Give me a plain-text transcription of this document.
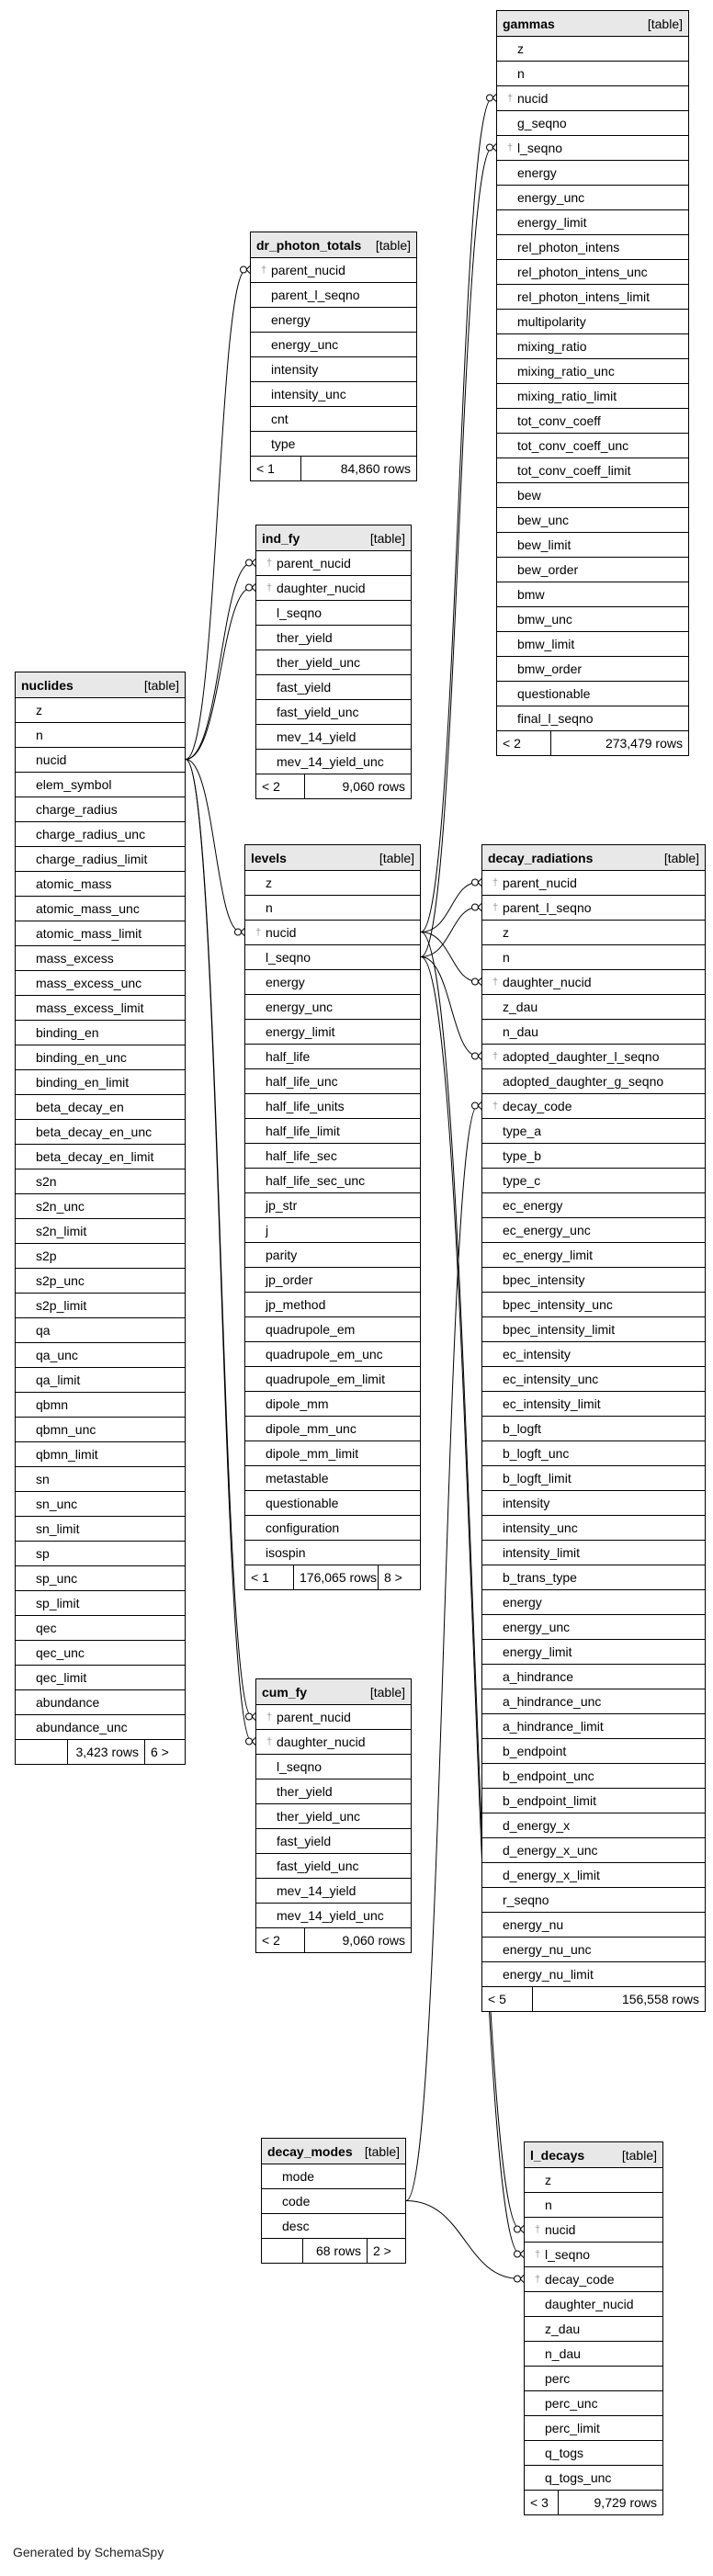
gammas	[table]
z
n
† nucid
g_seqno
† l_seqno
energy
energy_unc
energy_limit
rel_photon_intens
rel_photon_intens_unc
rel_photon_intens_limit
multipolarity
mixing_ratio
mixing_ratio_unc
mixing_ratio_limit
tot_conv_coeff
tot_conv_coeff_unc
tot_conv_coeff_limit
bew
bew_unc
bew_limit
bew_order
bmw
bmw_unc
bmw_limit
bmw_order
questionable
final_l_seqno
< 2	273,479 rows
dr_photon_totals [table]
† parent_nucid
parent_l_seqno
energy
energy_unc
intensity
intensity_unc
cnt
type
< 1	84,860 rows
ind_fy	[table]
† parent_nucid
† daughter_nucid
l_seqno
ther_yield
ther_yield_unc
fast_yield
fast_yield_unc
mev_14_yield
mev_14_yield_unc
< 2	9,060 rows
nuclides	[table]
z
n
nucid
elem_symbol
charge_radius
charge_radius_unc
charge_radius_limit
atomic_mass
atomic_mass_unc
atomic_mass_limit
mass_excess
mass_excess_unc
mass_excess_limit
binding_en
binding_en_unc
binding_en_limit
beta_decay_en
beta_decay_en_unc
beta_decay_en_limit
s2n
s2n_unc
s2n_limit
s2p
s2p_unc
s2p_limit
qa
qa_unc
qa_limit
qbmn
qbmn_unc
qbmn_limit
sn
sn_unc
sn_limit
sp
sp_unc
sp_limit
qec
qec_unc
qec_limit
abundance
abundance_unc
3,423 rows 6 >
levels	[table]
z
n
† nucid
l_seqno
energy
energy_unc
energy_limit
half_life
half_life_unc
half_life_units
half_life_limit
half_life_sec
half_life_sec_unc
jp_str
j
parity
jp_order
jp_method
quadrupole_em
quadrupole_em_unc
quadrupole_em_limit
dipole_mm
dipole_mm_unc
dipole_mm_limit
metastable
questionable
configuration
isospin
< 1	176,065 rows 8 >
decay_radiations	[table]
† parent_nucid
† parent_l_seqno
z
n
† daughter_nucid
z_dau
n_dau
† adopted_daughter_l_seqno
adopted_daughter_g_seqno
† decay_code
type_a
type_b
type_c
ec_energy
ec_energy_unc
ec_energy_limit
bpec_intensity
bpec_intensity_unc
bpec_intensity_limit
ec_intensity
ec_intensity_unc
ec_intensity_limit
b_logft
b_logft_unc
b_logft_limit
intensity
intensity_unc
intensity_limit
b_trans_type
energy
energy_unc
energy_limit
a_hindrance
a_hindrance_unc
a_hindrance_limit
b_endpoint
b_endpoint_unc
b_endpoint_limit
d_energy_x
d_energy_x_unc
d_energy_x_limit
r_seqno
energy_nu
energy_nu_unc
energy_nu_limit
< 5	156,558 rows
cum_fy	[table]
† parent_nucid
† daughter_nucid
l_seqno
ther_yield
ther_yield_unc
fast_yield
fast_yield_unc
mev_14_yield
mev_14_yield_unc
< 2	9,060 rows
decay_modes [table]
mode
code
desc
68 rows 2 >
l_decays	[table]
z
n
† nucid
† l_seqno
† decay_code
daughter_nucid
z_dau
n_dau
perc
perc_unc
perc_limit
q_togs
q_togs_unc
< 3	9,729 rows
Generated by SchemaSpy
